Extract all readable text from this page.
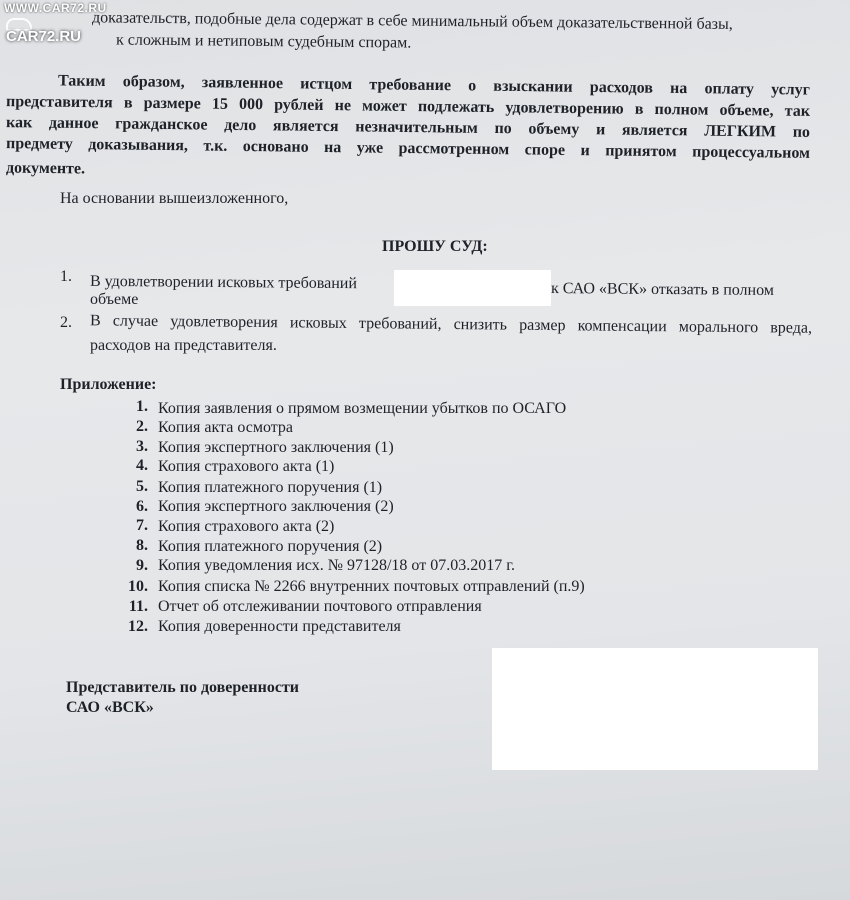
WWW.CAR72.RU
CAR72.RU
доказательств, подобные дела содержат в себе минимальный объем доказательственной базы,
к сложным и нетиповым судебным спорам.
Таким образом, заявленное истцом требование о взыскании расходов на оплату услуг
представителя в размере 15 000 рублей не может подлежать удовлетворению в полном объеме, так
как данное гражданское дело является незначительным по объему и является ЛЕГКИМ по
предмету доказывания, т.к. основано на уже рассмотренном споре и принятом процессуальном
документе.
На основании вышеизложенного,
ПРОШУ СУД:
1. В удовлетворении исковых требований	к САО «ВСК» отказать в полном
объеме
2. В случае удовлетворения исковых требований, снизить размер компенсации морального вреда,
расходов на представителя.
Приложение:
1. Копия заявления о прямом возмещении убытков по ОСАГО
2. Копия акта осмотра
3. Копия экспертного заключения (1)
4. Копия страхового акта (1)
5. Копия платежного поручения (1)
6. Копия экспертного заключения (2)
7. Копия страхового акта (2)
8. Копия платежного поручения (2)
9. Копия уведомления исх. № 97128/18 от 07.03.2017 г.
10. Копия списка № 2266 внутренних почтовых отправлений (п.9)
11. Отчет об отслеживании почтового отправления
12. Копия доверенности представителя
Представитель по доверенности
САО «ВСК»
